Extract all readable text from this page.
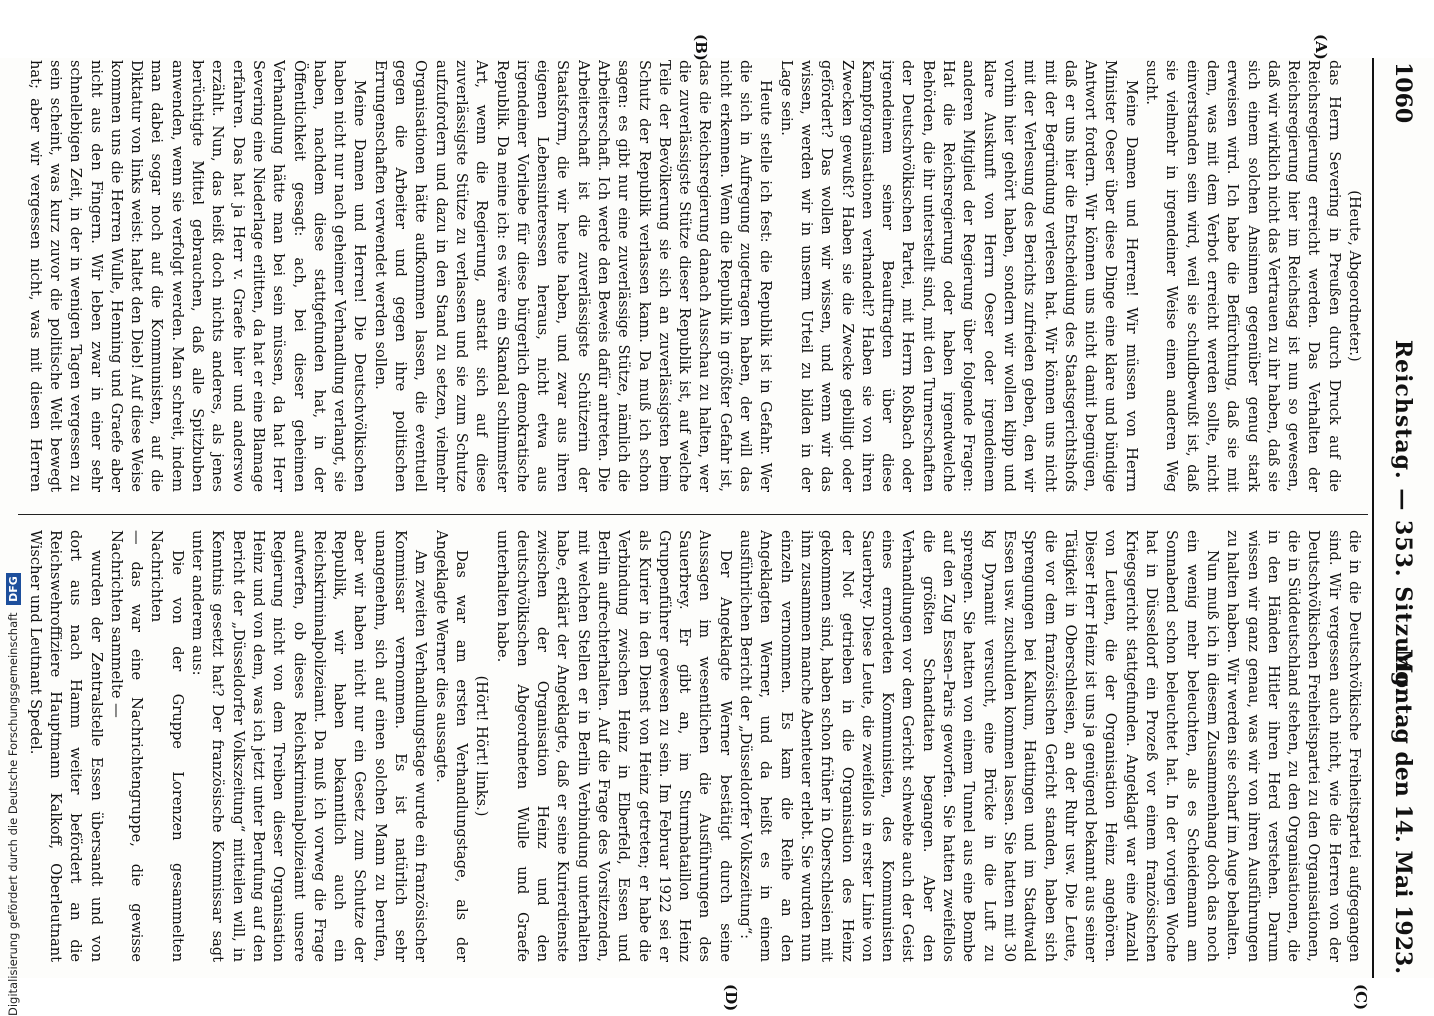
1060
Reichstag. — 353. Sitzung.
Montag den 14. Mai 1923.
(A)
(B)
(C)
(D)

(Heute, Abgeordneter.)

das Herrn Severing in Preußen durch Druck auf die Reichsregierung erreicht werden. Das Verhalten der Reichsregierung hier im Reichstag ist nun so gewesen, daß wir wirklich nicht das Vertrauen zu ihr haben, daß sie sich einem solchen Ansinnen gegenüber genug stark erweisen wird. Ich habe die Befürchtung, daß sie mit dem, was mit dem Verbot erreicht werden sollte, nicht einverstanden sein wird, weil sie schuldbewußt ist, daß sie vielmehr in irgendeiner Weise einen anderen Weg sucht.

Meine Damen und Herren! Wir müssen von Herrn Minister Oeser über diese Dinge eine klare und bündige Antwort fordern. Wir können uns nicht damit begnügen, daß er uns hier die Entscheidung des Staatsgerichtshofs mit der Begründung verlesen hat. Wir können uns nicht mit der Verlesung des Berichts zufrieden geben, den wir vorhin hier gehört haben, sondern wir wollen klipp und klare Auskunft von Herrn Oeser oder irgendeinem anderen Mitglied der Regierung über folgende Fragen: Hat die Reichsregierung oder haben irgendwelche Behörden, die ihr unterstellt sind, mit den Turnerschaften der Deutschvölkischen Partei, mit Herrn Roßbach oder irgendeinem seiner Beauftragten über diese Kampforganisationen verhandelt? Haben sie von ihren Zwecken gewußt? Haben sie die Zwecke gebilligt oder gefördert? Das wollen wir wissen, und wenn wir das wissen, werden wir in unserm Urteil zu bilden in der Lage sein.

Heute stelle ich fest: die Republik ist in Gefahr. Wer die sich in Aufregung zugetragen haben, der will das nicht erkennen. Wenn die Republik in größter Gefahr ist, das die Reichsregierung danach Ausschau zu halten, wer die zuverlässigste Stütze dieser Republik ist, auf welche Teile der Bevölkerung sie sich an zuverlässigsten beim Schutz der Republik verlassen kann. Da muß ich schon sagen: es gibt nur eine zuverlässige Stütze, nämlich die Arbeiterschaft. Ich werde den Beweis dafür antreten. Die Arbeiterschaft ist die zuverlässigste Schützerin der Staatsform, die wir heute haben, und zwar aus ihren eigenen Lebensinteressen heraus, nicht etwa aus irgendeiner Vorliebe für diese bürgerlich demokratische Republik. Da meine ich: es wäre ein Skandal schlimmster Art, wenn die Regierung, anstatt sich auf diese zuverlässigste Stütze zu verlassen und sie zum Schutze aufzufordern und dazu in den Stand zu setzen, vielmehr Organisationen hätte aufkommen lassen, die eventuell gegen die Arbeiter und gegen ihre politischen Errungenschaften verwendet werden sollen.

Meine Damen und Herren! Die Deutschvölkischen haben nicht nur nach geheimer Verhandlung verlangt, sie haben, nachdem diese stattgefunden hat, in der Öffentlichkeit gesagt: ach, bei dieser geheimen Verhandlung hätte man bei sein müssen, da hat Herr Severing eine Niederlage erlitten, da hat er eine Blamage erfahren. Das hat ja Herr v. Graefe hier und anderswo erzählt. Nun, das heißt doch nichts anderes, als jenes berüchtigte Mittel gebrauchen, daß alle Spitzbuben anwenden, wenn sie verfolgt werden. Man schreit, indem man dabei sogar noch auf die Kommunisten, auf die Diktatur von links weist: haltet den Dieb! Auf diese Weise kommen uns die Herren Wulle, Henning und Graefe aber nicht aus den Fingern. Wir leben zwar in einer sehr schnellebigen Zeit, in der in wenigen Tagen vergessen zu sein scheint, was kurz zuvor die politische Welt bewegt hat; aber wir vergessen nicht, was mit diesen Herren

die in die Deutschvölkische Freiheitspartei aufgegangen sind. Wir vergessen auch nicht, wie die Herren von der Deutschvölkischen Freiheitspartei zu den Organisationen, die in Süddeutschland stehen, zu den Organisationen, die in den Händen Hitler ihren Herd verstehen. Darum wissen wir ganz genau, was wir von ihren Ausführungen zu halten haben. Wir werden sie scharf im Auge behalten.

Nun muß ich in diesem Zusammenhang doch das noch ein wenig mehr beleuchten, als es Scheidemann am Sonnabend schon beleuchtet hat. In der vorigen Woche hat in Düsseldorf ein Prozeß vor einem französischen Kriegsgericht stattgefunden. Angeklagt war eine Anzahl von Leuten, die der Organisation Heinz angehören. Dieser Herr Heinz ist uns ja genügend bekannt aus seiner Tätigkeit in Oberschlesien, an der Ruhr usw. Die Leute, die vor dem französischen Gericht standen, haben sich Sprengungen bei Kalkum, Hattingen und im Stadtwald Essen usw. zuschulden kommen lassen. Sie hatten mit 30 kg Dynamit versucht, eine Brücke in die Luft zu sprengen. Sie hatten von einem Tunnel aus eine Bombe auf den Zug Essen–Paris geworfen. Sie hatten zweifellos die größten Schandtaten begangen. Aber den Verhandlungen vor dem Gericht schwebte auch der Geist eines ermordeten Kommunisten, des Kommunisten Sauerbrey. Diese Leute, die zweifellos in erster Linie von der Not getrieben in die Organisation des Heinz gekommen sind, haben schon früher in Oberschlesien mit ihm zusammen manche Abenteuer erlebt. Sie wurden nun einzeln vernommen. Es kam die Reihe an den Angeklagten Werner, und da heißt es in einem ausführlichen Bericht der „Düsseldorfer Volkszeitung“:

Der Angeklagte Werner bestätigt durch seine Aussagen im wesentlichen die Ausführungen des Sauerbrey. Er gibt an, im Sturmbataillon Heinz Gruppenführer gewesen zu sein. Im Februar 1922 sei er als Kurier in den Dienst von Heinz getreten; er habe die Verbindung zwischen Heinz in Elberfeld, Essen und Berlin aufrechterhalten. Auf die Frage des Vorsitzenden, mit welchen Stellen er in Berlin Verbindung unterhalten habe, erklärt der Angeklagte, daß er seine Kurierdienste zwischen der Organisation Heinz und den deutschvölkischen Abgeordneten Wulle und Graefe unterhalten habe.

(Hört! Hört! links.)

Das war am ersten Verhandlungstage, als der Angeklagte Werner dies aussagte.

Am zweiten Verhandlungstage wurde ein französischer Kommissar vernommen. Es ist natürlich sehr unangenehm, sich auf einen solchen Mann zu berufen, aber wir haben nicht nur ein Gesetz zum Schutze der Republik, wir haben bekanntlich auch ein Reichskriminalpolizeiamt. Da muß ich vorweg die Frage aufwerfen, ob dieses Reichskriminalpolizeiamt unsere Regierung nicht von dem Treiben dieser Organisation Heinz und von dem, was ich jetzt unter Berufung auf den Bericht der „Düsseldorfer Volkszeitung“ mitteilen will, in Kenntnis gesetzt hat? Der französische Kommissar sagt unter anderem aus:

Die von der Gruppe Lorenzen gesammelten Nachrichten

— das war eine Nachrichtengruppe, die gewisse Nachrichten sammelte —

wurden der Zentralstelle Essen übersandt und von dort aus nach Hamm weiter befördert an die Reichswehroffiziere Hauptmann Kalkoff, Oberleutnant Wischer und Leutnant Spedel.

Digitalisierung gefördert durch die Deutsche Forschungsgemeinschaft DFG
